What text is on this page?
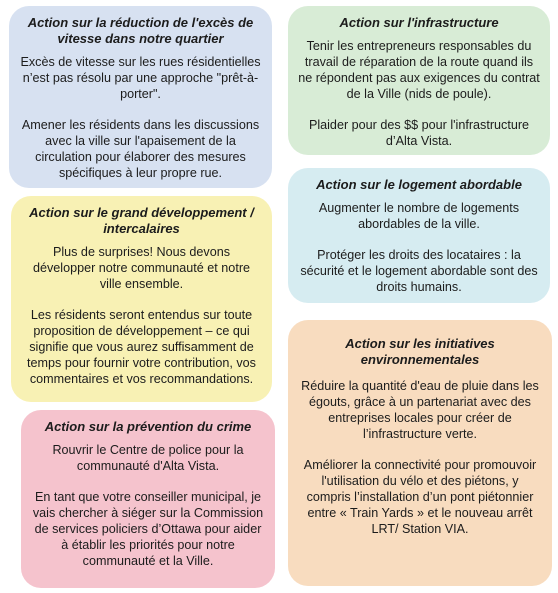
Action sur la réduction de l'excès de vitesse dans notre quartier

Excès de vitesse sur les rues résidentielles n’est pas résolu par une approche "prêt-à-porter".

Amener les résidents dans les discussions avec la ville sur l'apaisement de la circulation pour élaborer des mesures spécifiques à leur propre rue.

Action sur l'infrastructure

Tenir les entrepreneurs responsables du travail de réparation de la route quand ils ne répondent pas aux exigences du contrat de la Ville (nids de poule).

Plaider pour des $$ pour l'infrastructure d’Alta Vista.

Action sur le grand développement / intercalaires

Plus de surprises! Nous devons développer notre communauté et notre ville ensemble.

Les résidents seront entendus sur toute proposition de développement – ce qui signifie que vous aurez suffisamment de temps pour fournir votre contribution, vos commentaires et vos recommandations.

Action sur le logement abordable

Augmenter le nombre de logements abordables de la ville.

Protéger les droits des locataires : la sécurité et le logement abordable sont des droits humains.

Action sur la prévention du crime

Rouvrir le Centre de police pour la communauté d'Alta Vista.

En tant que votre conseiller municipal, je vais chercher à siéger sur la Commission de services policiers d’Ottawa pour aider à établir les priorités pour notre communauté et la Ville.

Action sur les initiatives environnementales

Réduire la quantité d'eau de pluie dans les égouts, grâce à un partenariat avec des entreprises locales pour créer de l’infrastructure verte.

Améliorer la connectivité pour promouvoir l'utilisation du vélo et des piétons, y compris l’installation d’un pont piétonnier entre « Train Yards » et le nouveau arrêt LRT/ Station VIA.
